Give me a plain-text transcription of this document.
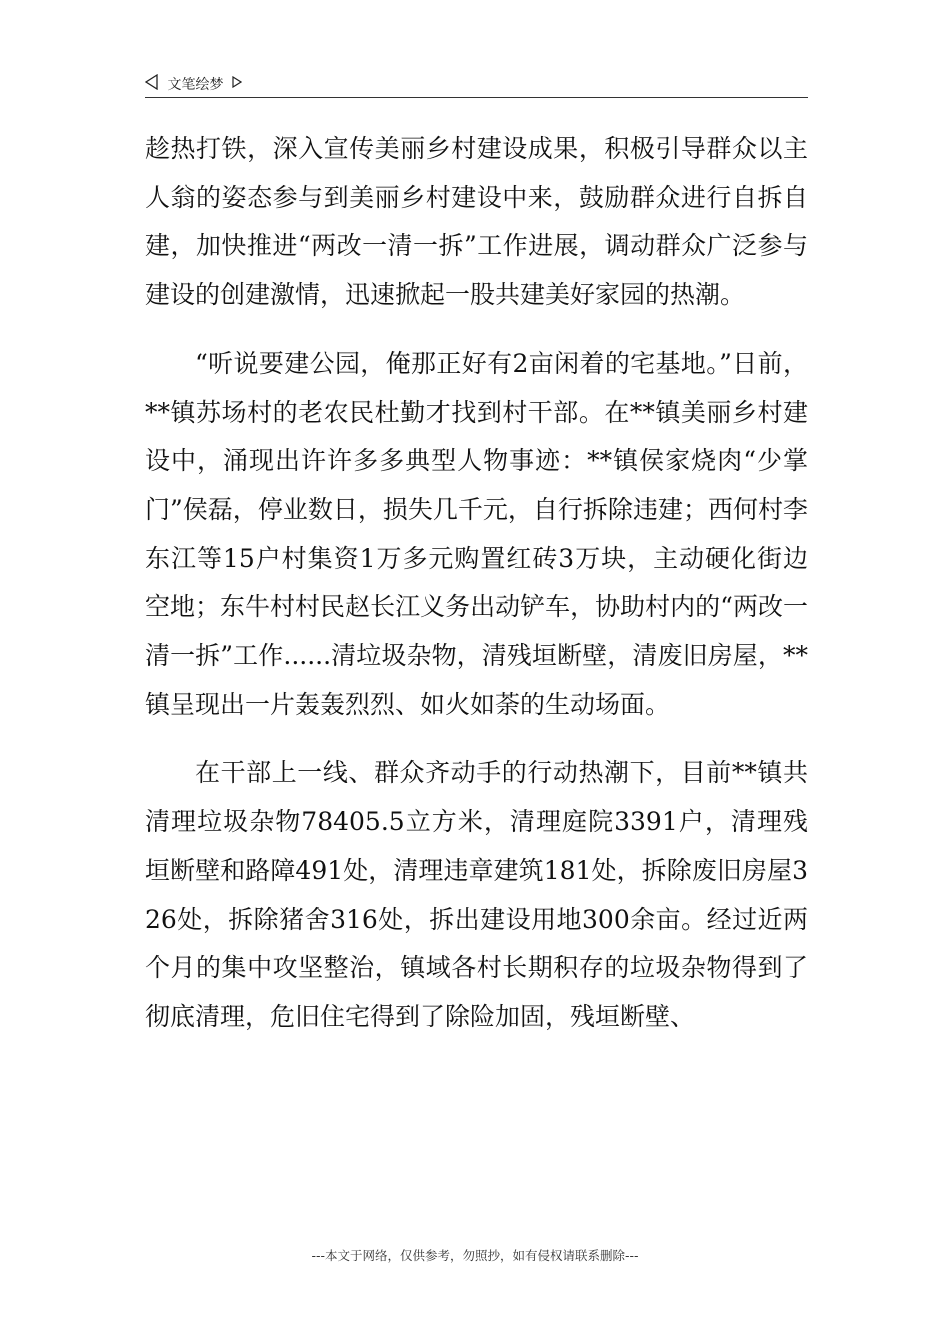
文笔绘梦

趁热打铁，深入宣传美丽乡村建设成果，积极引导群众以主人翁的姿态参与到美丽乡村建设中来，鼓励群众进行自拆自建，加快推进“两改一清一拆”工作进展，调动群众广泛参与建设的创建激情，迅速掀起一股共建美好家园的热潮。

“听说要建公园，俺那正好有2亩闲着的宅基地。”日前，**镇苏场村的老农民杜勤才找到村干部。在**镇美丽乡村建设中，涌现出许许多多典型人物事迹：**镇侯家烧肉“少掌门”侯磊，停业数日，损失几千元，自行拆除违建；西何村李东江等15户村集资1万多元购置红砖3万块，主动硬化街边空地；东牛村村民赵长江义务出动铲车，协助村内的“两改一清一拆”工作......清垃圾杂物，清残垣断壁，清废旧房屋，**镇呈现出一片轰轰烈烈、如火如荼的生动场面。

在干部上一线、群众齐动手的行动热潮下，目前**镇共清理垃圾杂物78405.5立方米，清理庭院3391户，清理残垣断壁和路障491处，清理违章建筑181处，拆除废旧房屋326处，拆除猪舍316处，拆出建设用地300余亩。经过近两个月的集中攻坚整治，镇域各村长期积存的垃圾杂物得到了彻底清理，危旧住宅得到了除险加固，残垣断壁、

---本文于网络，仅供参考，勿照抄，如有侵权请联系删除---
